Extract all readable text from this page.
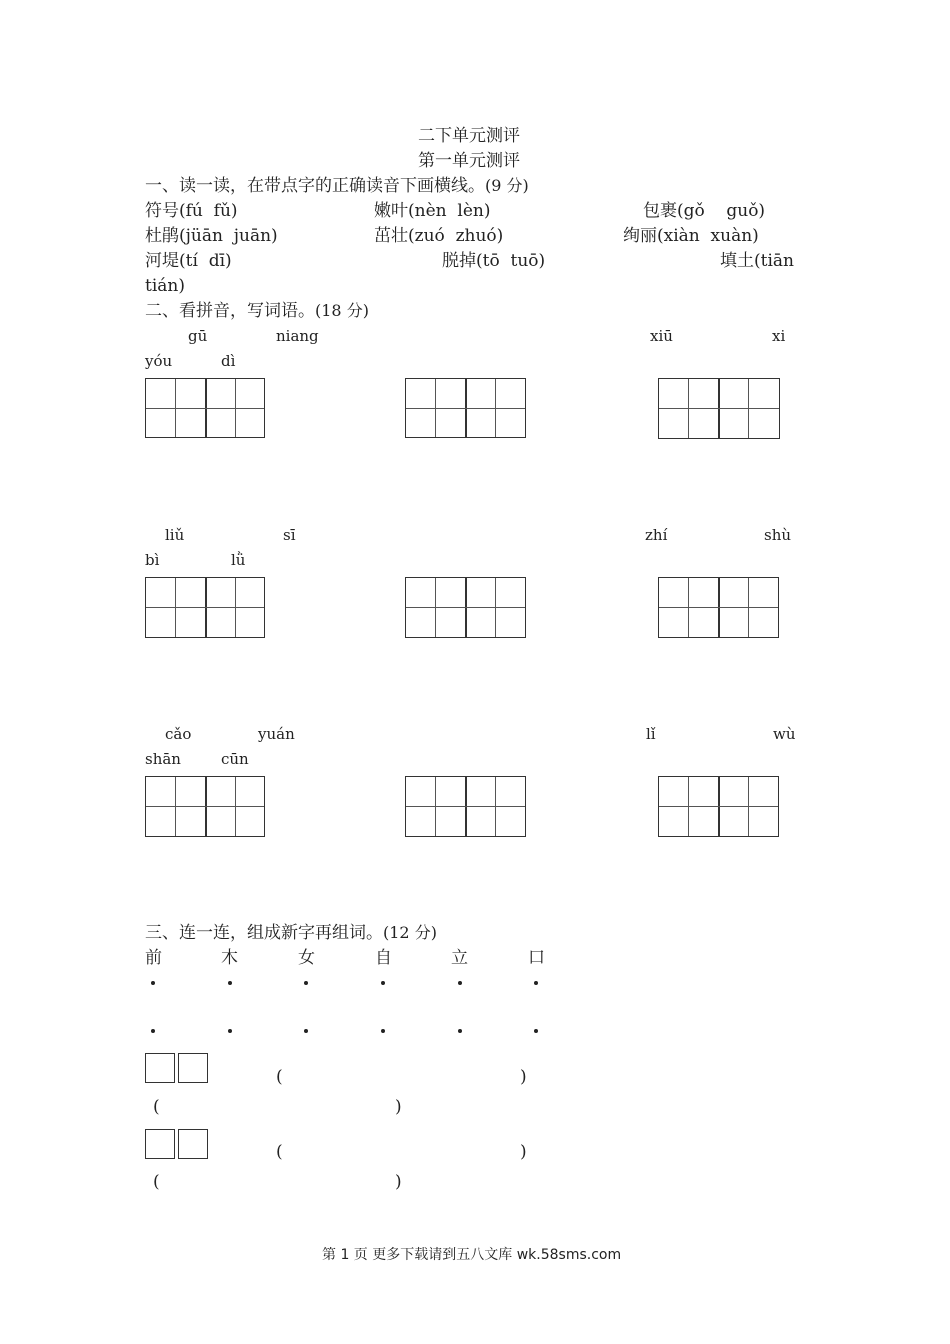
二下单元测评
第一单元测评
一、读一读，在带点字的正确读音下画横线。(9 分)
符号(fú  fǔ)	嫩叶(nèn  lèn)	包裹(gǒ    guǒ)
杜鹃(jüān  juān)	茁壮(zuó  zhuó)	绚丽(xiàn  xuàn)
河堤(tí  dī)	脱掉(tō  tuō)	填土(tiān
tián)
二、看拼音，写词语。(18 分)
gū	niang	xiū	xi
yóu	dì
liǔ	sī	zhí	shù
bì	lǜ
cǎo	yuán	lǐ	wù
shān	cūn
三、连一连，组成新字再组词。(12 分)
前	木	女	自	立	口
(	)
(	)
(	)
(	)
第 1 页 更多下载请到五八文库 wk.58sms.com
